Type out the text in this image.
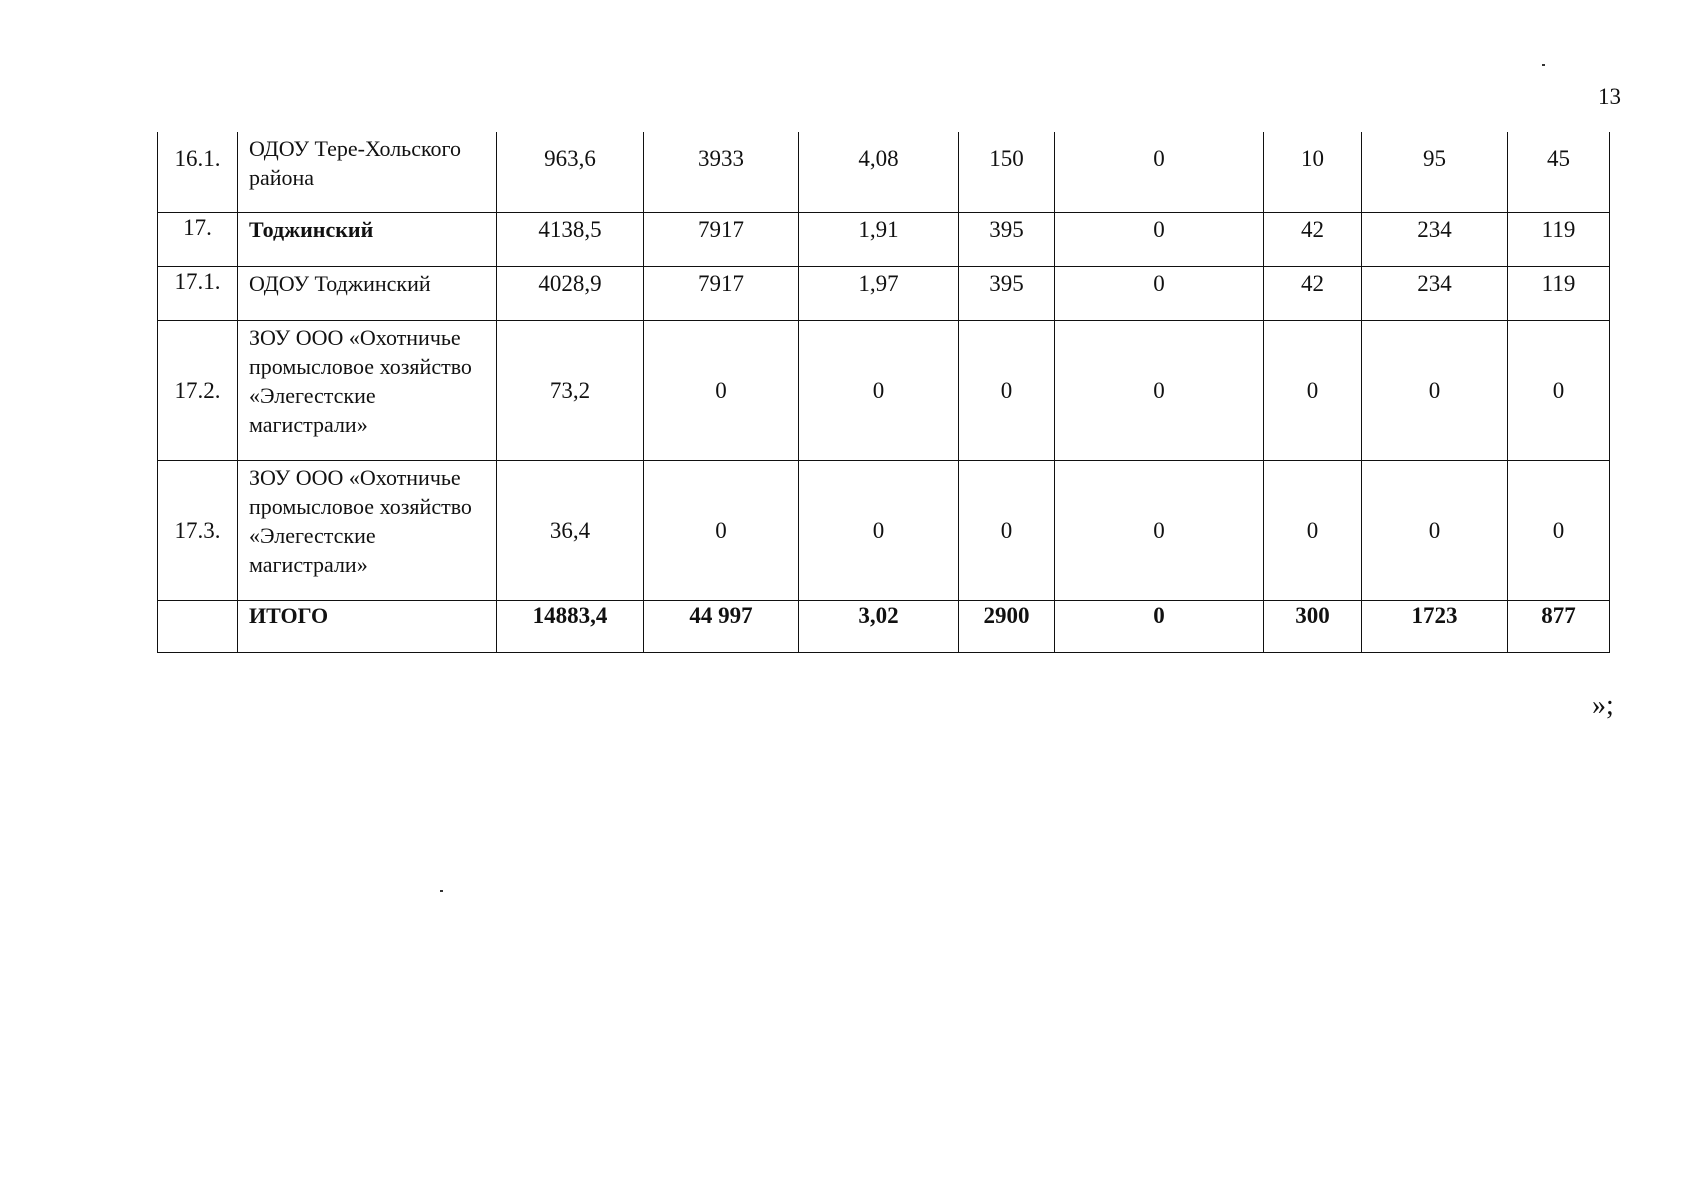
13
16.1.	ОДОУ Тере-Хольского района	963,6	3933	4,08	150	0	10	95	45
17.	Тоджинский	4138,5	7917	1,91	395	0	42	234	119
17.1.	ОДОУ Тоджинский	4028,9	7917	1,97	395	0	42	234	119
17.2.	ЗОУ ООО «Охотничье промысловое хозяйство «Элегестские магистрали»	73,2	0	0	0	0	0	0	0
17.3.	ЗОУ ООО «Охотничье промысловое хозяйство «Элегестские магистрали»	36,4	0	0	0	0	0	0	0
	ИТОГО	14883,4	44 997	3,02	2900	0	300	1723	877
»;
